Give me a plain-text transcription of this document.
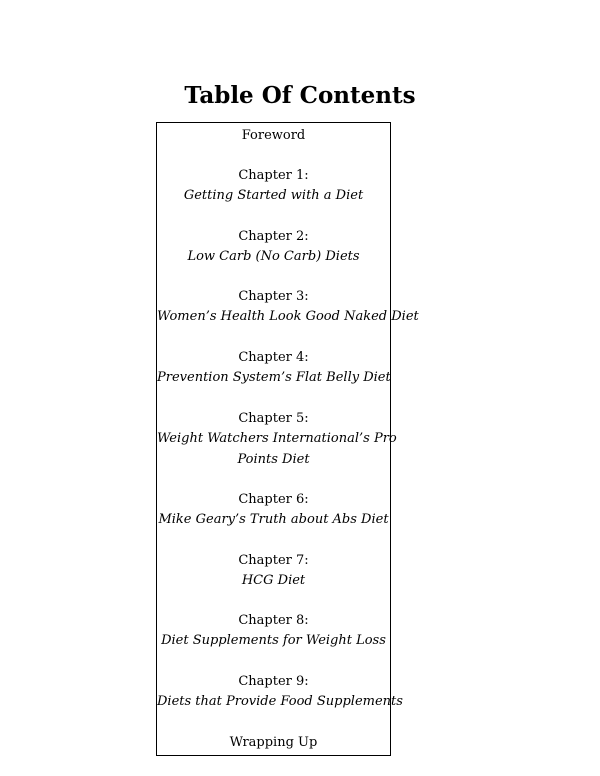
Table Of Contents
Foreword
Chapter 1:
Getting Started with a Diet
Chapter 2:
Low Carb (No Carb) Diets
Chapter 3:
Women’s Health Look Good Naked Diet
Chapter 4:
Prevention System’s Flat Belly Diet
Chapter 5:
Weight Watchers International’s Pro
Points Diet
Chapter 6:
Mike Geary’s Truth about Abs Diet
Chapter 7:
HCG Diet
Chapter 8:
Diet Supplements for Weight Loss
Chapter 9:
Diets that Provide Food Supplements
Wrapping Up
